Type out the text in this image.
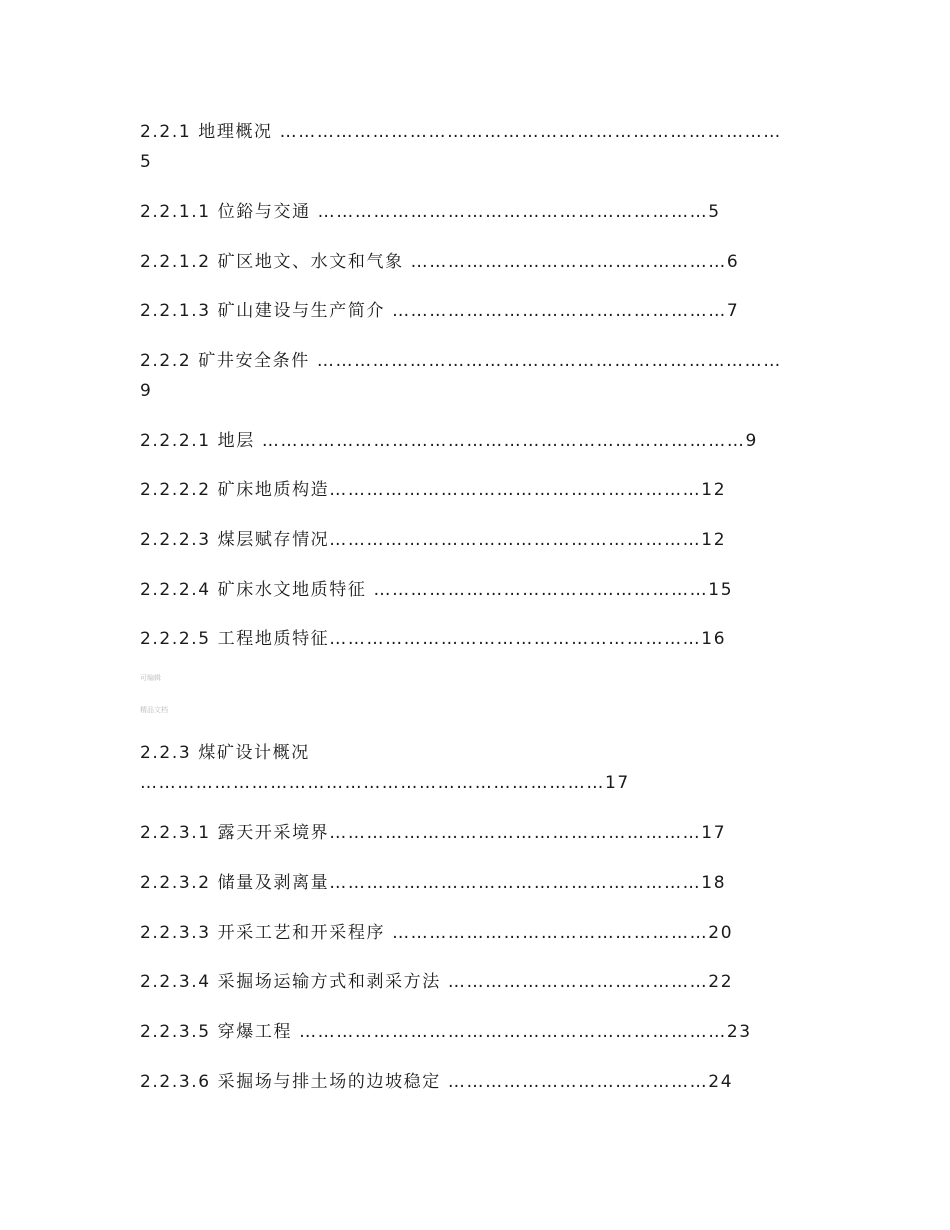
2.2.1 地理概况 ………………………………………………………………………

5

2.2.1.1 位鋊与交通 ………………………………………………………5

2.2.1.2 矿区地文、水文和气象 ……………………………………………6

2.2.1.3 矿山建设与生产简介 ………………………………………………7

2.2.2 矿井安全条件 …………………………………………………………………

9

2.2.2.1 地层 ……………………………………………………………………9

2.2.2.2 矿床地质构造……………………………………………………12

2.2.2.3 煤层赋存情况……………………………………………………12

2.2.2.4 矿床水文地质特征 ………………………………………………15

2.2.2.5 工程地质特征……………………………………………………16

可编辑

精品文档

2.2.3 煤矿设计概况

…………………………………………………………………17

2.2.3.1 露天开采境界……………………………………………………17

2.2.3.2 储量及剥离量……………………………………………………18

2.2.3.3 开采工艺和开采程序 ……………………………………………20

2.2.3.4 采掘场运输方式和剥采方法 ……………………………………22

2.2.3.5 穿爆工程 ……………………………………………………………23

2.2.3.6 采掘场与排土场的边坡稳定 ……………………………………24
